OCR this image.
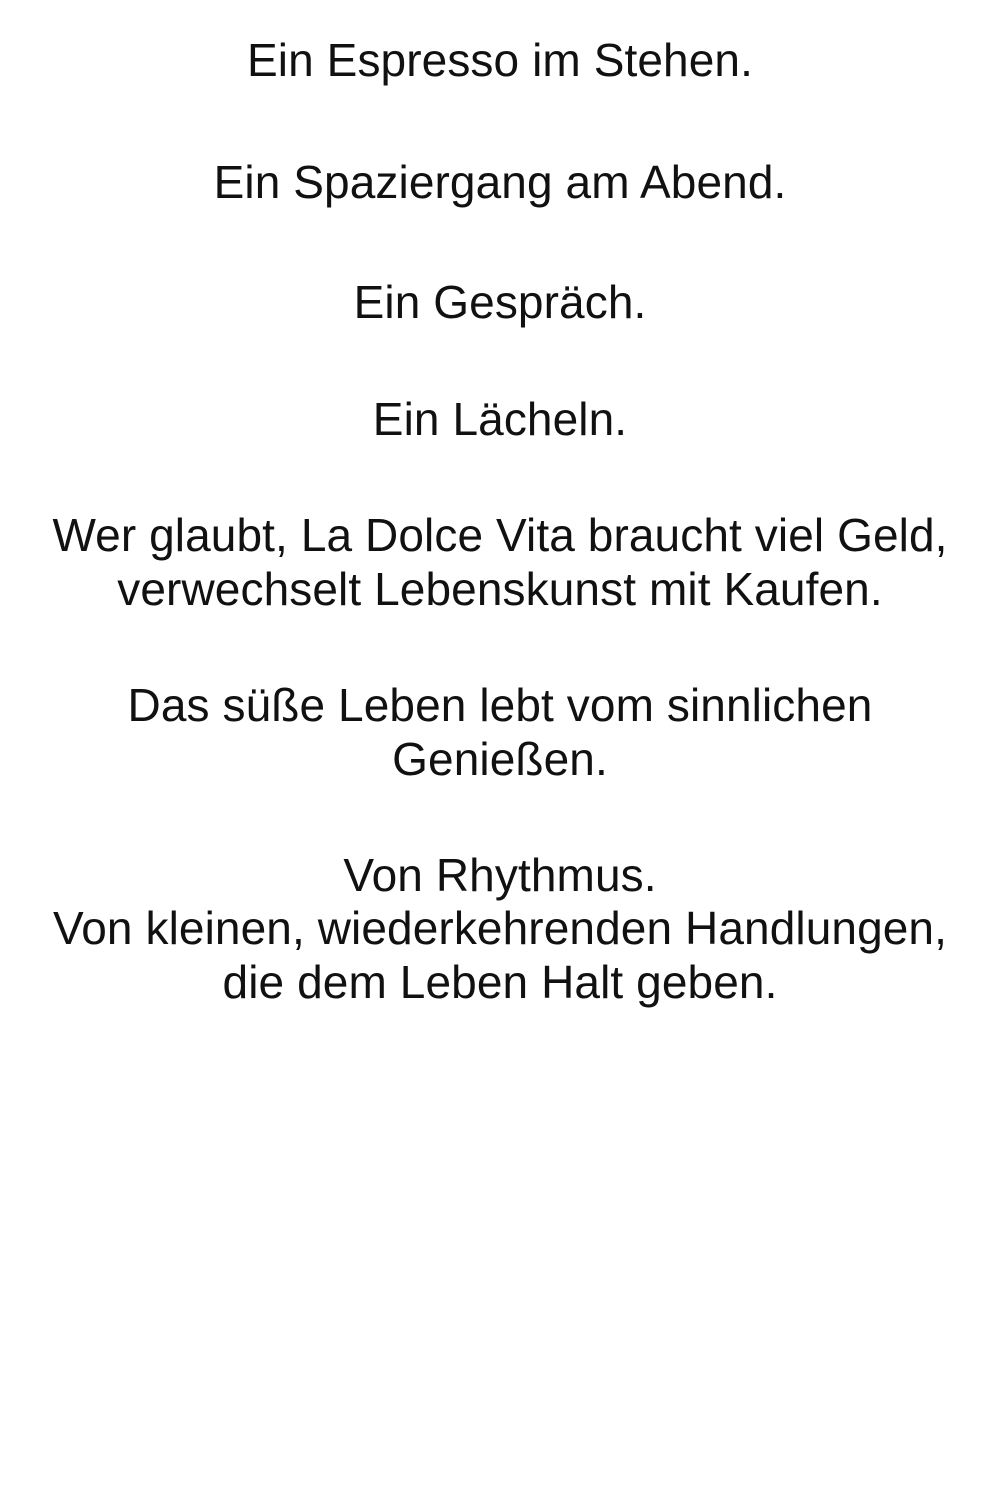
Ein Espresso im Stehen.
Ein Spaziergang am Abend.
Ein Gespräch.
Ein Lächeln.
Wer glaubt, La Dolce Vita braucht viel Geld,
verwechselt Lebenskunst mit Kaufen.
Das süße Leben lebt vom sinnlichen Genießen.
Von Rhythmus.
Von kleinen, wiederkehrenden Handlungen,
die dem Leben Halt geben.
